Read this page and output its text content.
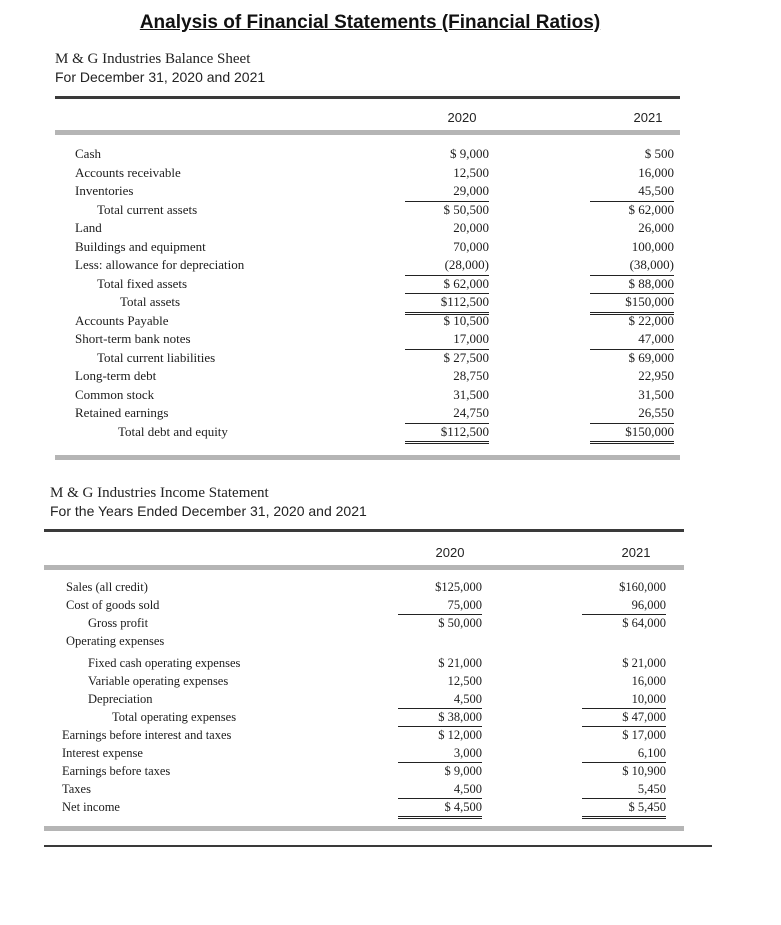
Analysis of Financial Statements (Financial Ratios)
M & G Industries Balance Sheet
For December 31, 2020 and 2021
2020	2021
Cash	$ 9,000	$ 500
Accounts receivable	12,500	16,000
Inventories	29,000	45,500
Total current assets	$ 50,500	$ 62,000
Land	20,000	26,000
Buildings and equipment	70,000	100,000
Less: allowance for depreciation	(28,000)	(38,000)
Total fixed assets	$ 62,000	$ 88,000
Total assets	$112,500	$150,000
Accounts Payable	$ 10,500	$ 22,000
Short-term bank notes	17,000	47,000
Total current liabilities	$ 27,500	$ 69,000
Long-term debt	28,750	22,950
Common stock	31,500	31,500
Retained earnings	24,750	26,550
Total debt and equity	$112,500	$150,000
M & G Industries Income Statement
For the Years Ended December 31, 2020 and 2021
2020	2021
Sales (all credit)	$125,000	$160,000
Cost of goods sold	75,000	96,000
Gross profit	$ 50,000	$ 64,000
Operating expenses
Fixed cash operating expenses	$ 21,000	$ 21,000
Variable operating expenses	12,500	16,000
Depreciation	4,500	10,000
Total operating expenses	$ 38,000	$ 47,000
Earnings before interest and taxes	$ 12,000	$ 17,000
Interest expense	3,000	6,100
Earnings before taxes	$ 9,000	$ 10,900
Taxes	4,500	5,450
Net income	$ 4,500	$ 5,450
